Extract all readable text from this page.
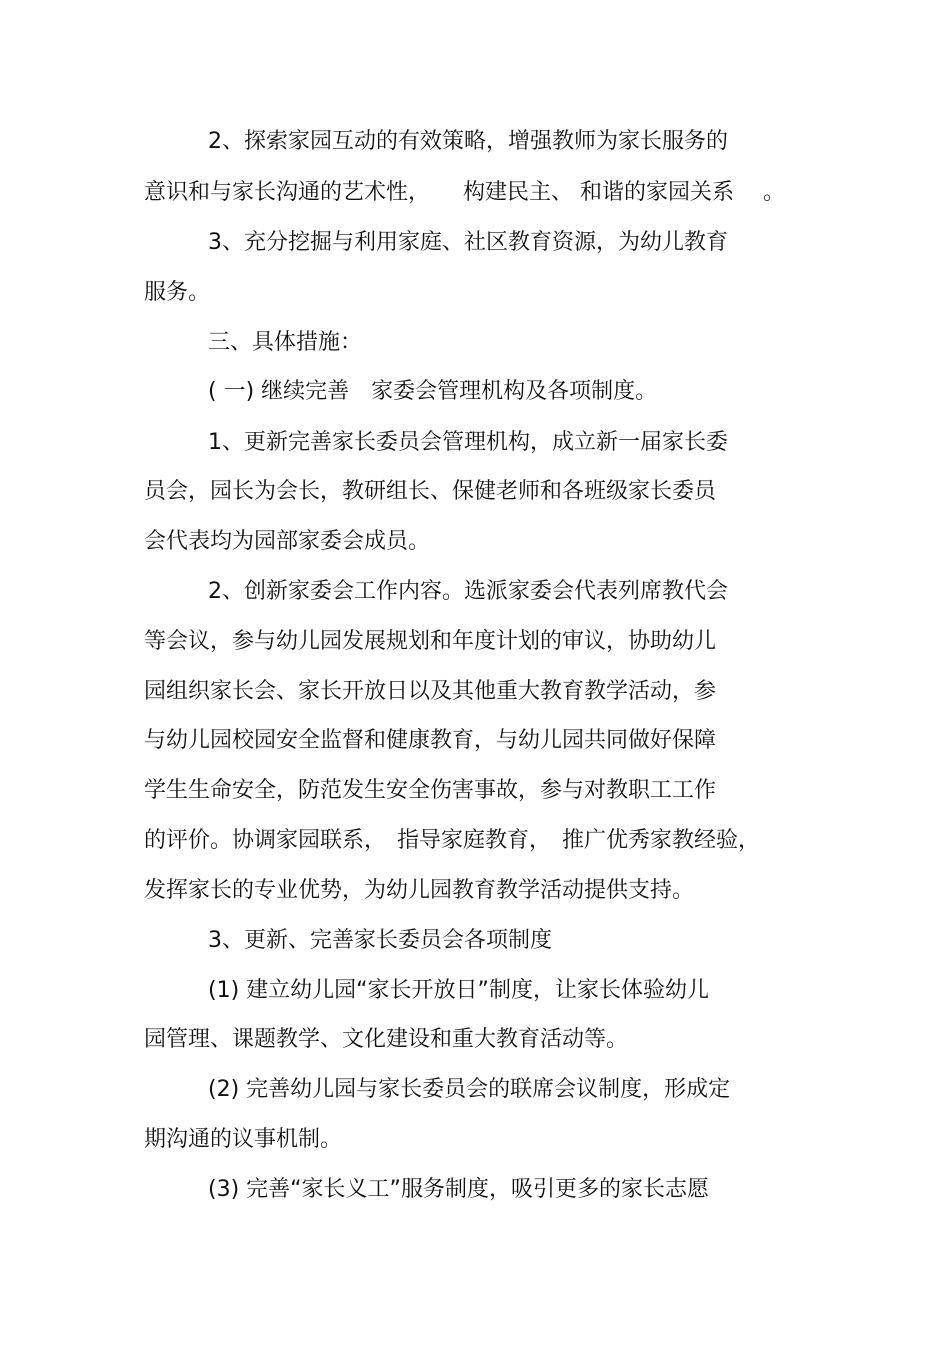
2、探索家园互动的有效策略，增强教师为家长服务的
意识和与家长沟通的艺术性，　　构建民主、 和谐的家园关系　 。
3、充分挖掘与利用家庭、社区教育资源，为幼儿教育
服务。
三、具体措施：
( 一) 继续完善　家委会管理机构及各项制度。
1、更新完善家长委员会管理机构，成立新一届家长委
员会，园长为会长，教研组长、保健老师和各班级家长委员
会代表均为园部家委会成员。
2、创新家委会工作内容。选派家委会代表列席教代会
等会议，参与幼儿园发展规划和年度计划的审议，协助幼儿
园组织家长会、家长开放日以及其他重大教育教学活动，参
与幼儿园校园安全监督和健康教育，与幼儿园共同做好保障
学生生命安全，防范发生安全伤害事故，参与对教职工工作
的评价。协调家园联系，　指导家庭教育，　推广优秀家教经验，
发挥家长的专业优势，为幼儿园教育教学活动提供支持。
3、更新、完善家长委员会各项制度
(1) 建立幼儿园“家长开放日”制度，让家长体验幼儿
园管理、课题教学、文化建设和重大教育活动等。
(2) 完善幼儿园与家长委员会的联席会议制度，形成定
期沟通的议事机制。
(3) 完善“家长义工”服务制度，吸引更多的家长志愿
